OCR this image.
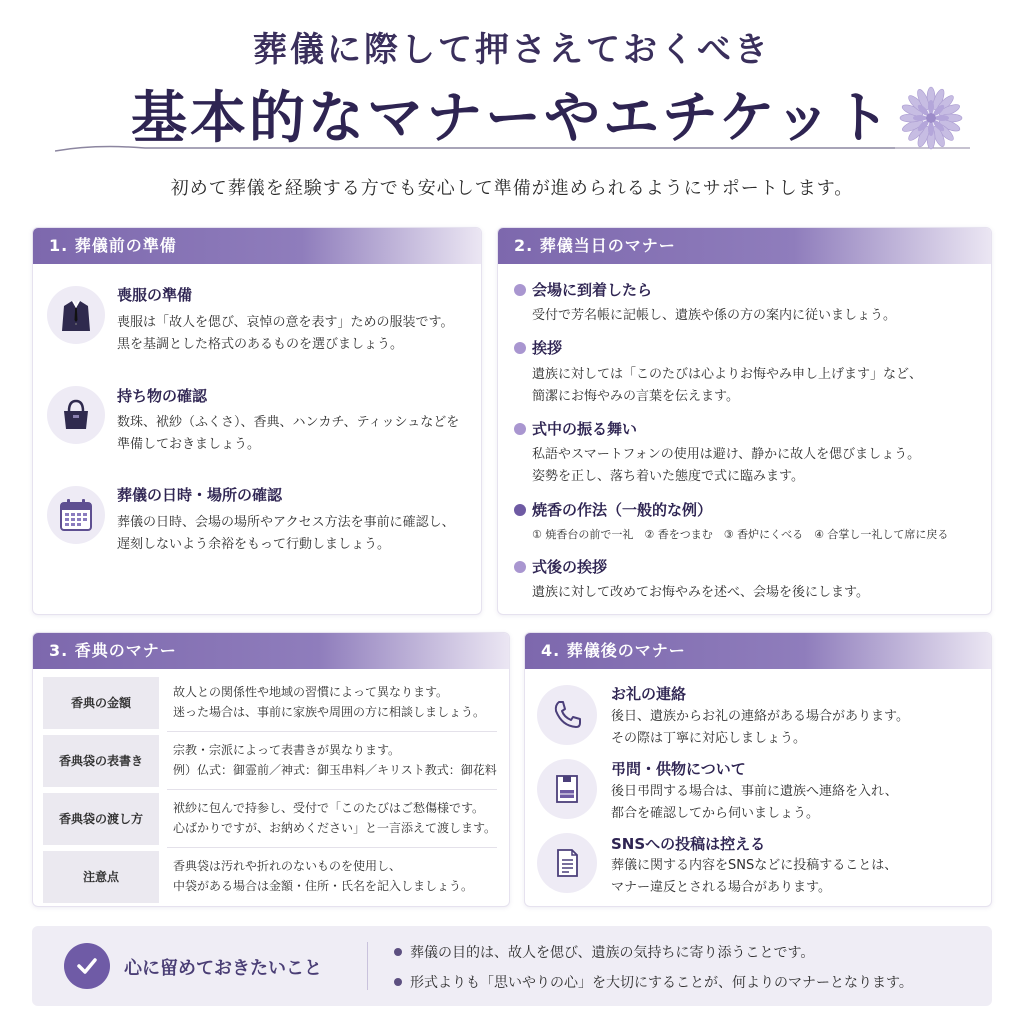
葬儀に際して押さえておくべき
基本的なマナーやエチケット
初めて葬儀を経験する方でも安心して準備が進められるようにサポートします。
1. 葬儀前の準備
喪服の準備
喪服は「故人を偲び、哀悼の意を表す」ための服装です。
黒を基調とした格式のあるものを選びましょう。
持ち物の確認
数珠、袱紗（ふくさ）、香典、ハンカチ、ティッシュなどを
準備しておきましょう。
葬儀の日時・場所の確認
葬儀の日時、会場の場所やアクセス方法を事前に確認し、
遅刻しないよう余裕をもって行動しましょう。
2. 葬儀当日のマナー
会場に到着したら
受付で芳名帳に記帳し、遺族や係の方の案内に従いましょう。
挨拶
遺族に対しては「このたびは心よりお悔やみ申し上げます」など、
簡潔にお悔やみの言葉を伝えます。
式中の振る舞い
私語やスマートフォンの使用は避け、静かに故人を偲びましょう。
姿勢を正し、落ち着いた態度で式に臨みます。
焼香の作法（一般的な例）
① 焼香台の前で一礼　② 香をつまむ　③ 香炉にくべる　④ 合掌し一礼して席に戻る
式後の挨拶
遺族に対して改めてお悔やみを述べ、会場を後にします。
3. 香典のマナー
香典の金額
故人との関係性や地域の習慣によって異なります。
迷った場合は、事前に家族や周囲の方に相談しましょう。
香典袋の表書き
宗教・宗派によって表書きが異なります。
例）仏式：御霊前／神式：御玉串料／キリスト教式：御花料
香典袋の渡し方
袱紗に包んで持参し、受付で「このたびはご愁傷様です。
心ばかりですが、お納めください」と一言添えて渡します。
注意点
香典袋は汚れや折れのないものを使用し、
中袋がある場合は金額・住所・氏名を記入しましょう。
4. 葬儀後のマナー
お礼の連絡
後日、遺族からお礼の連絡がある場合があります。
その際は丁寧に対応しましょう。
弔問・供物について
後日弔問する場合は、事前に遺族へ連絡を入れ、
都合を確認してから伺いましょう。
SNSへの投稿は控える
葬儀に関する内容をSNSなどに投稿することは、
マナー違反とされる場合があります。
心に留めておきたいこと
葬儀の目的は、故人を偲び、遺族の気持ちに寄り添うことです。
形式よりも「思いやりの心」を大切にすることが、何よりのマナーとなります。
